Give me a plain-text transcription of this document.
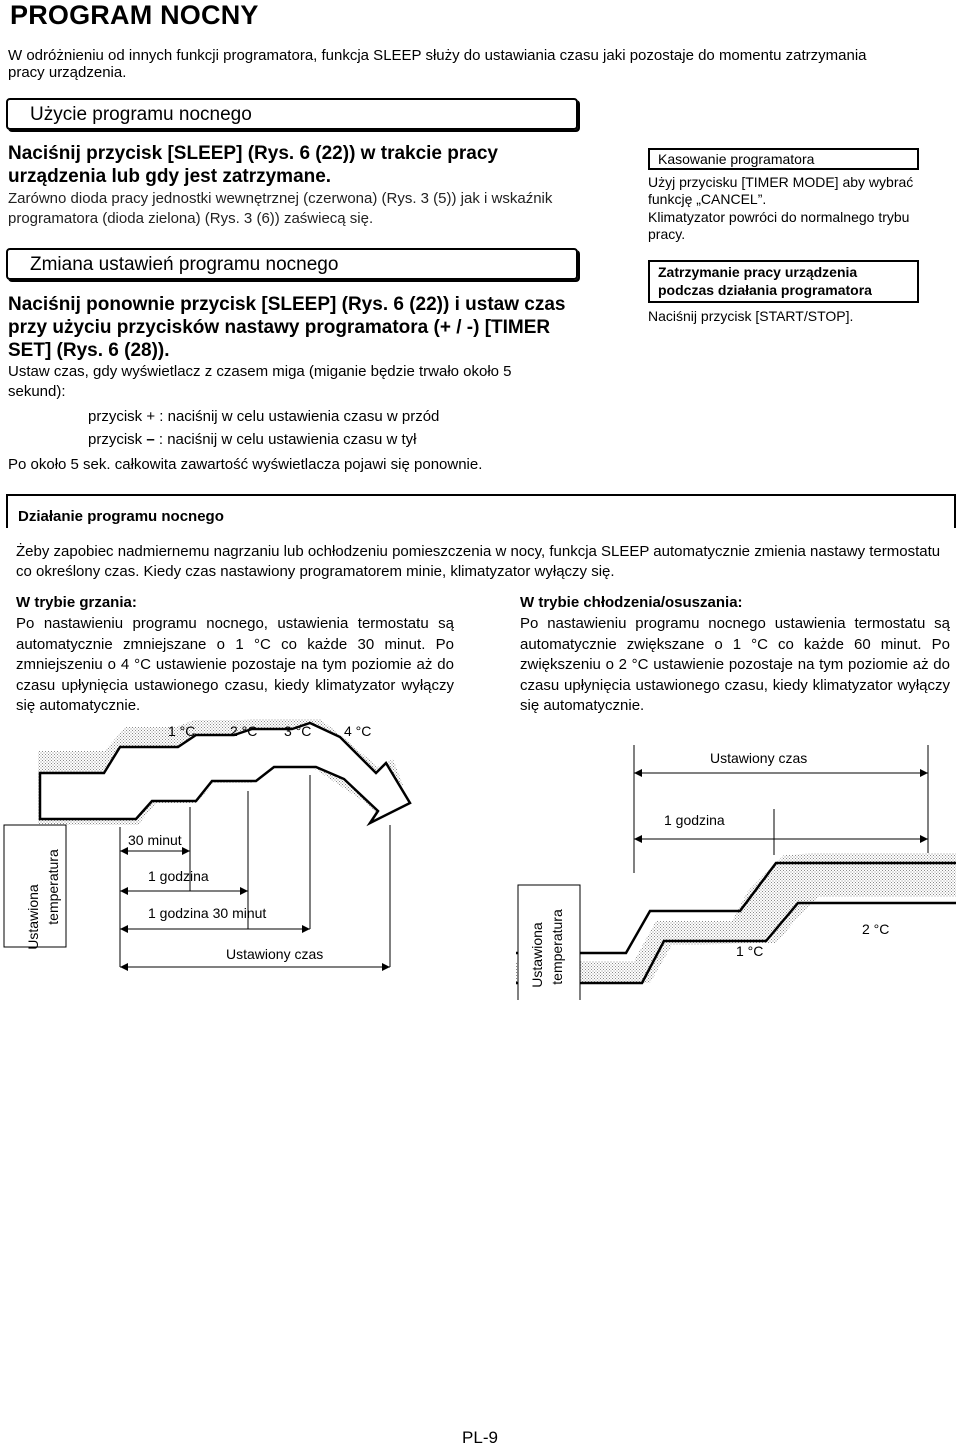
PROGRAM NOCNY
W odróżnieniu od innych funkcji programatora, funkcja SLEEP służy do ustawiania czasu jaki pozostaje do momentu zatrzymania pracy urządzenia.
Użycie programu nocnego
Naciśnij przycisk [SLEEP] (Rys. 6 (22)) w trakcie pracy urządzenia lub gdy jest zatrzymane.
Zarówno dioda pracy jednostki wewnętrznej (czerwona) (Rys. 3 (5)) jak i wskaźnik programatora (dioda zielona) (Rys. 3 (6)) zaświecą się.
Zmiana ustawień programu nocnego
Naciśnij ponownie przycisk [SLEEP] (Rys. 6 (22)) i ustaw czas przy użyciu przycisków nastawy programatora (+ / -) [TIMER SET] (Rys. 6 (28)).
Ustaw czas, gdy wyświetlacz z czasem miga (miganie będzie trwało około 5 sekund):
przycisk + : naciśnij w celu ustawienia czasu w przód
przycisk – : naciśnij w celu ustawienia czasu w tył
Po około 5 sek. całkowita zawartość wyświetlacza pojawi się ponownie.
Kasowanie programatora
Użyj przycisku [TIMER MODE] aby wybrać funkcję „CANCEL”.
Klimatyzator powróci do normalnego trybu pracy.
Zatrzymanie pracy urządzenia
podczas działania programatora
Naciśnij przycisk [START/STOP].
Działanie programu nocnego
Żeby zapobiec nadmiernemu nagrzaniu lub ochłodzeniu pomieszczenia w nocy, funkcja SLEEP automatycznie zmienia nastawy termostatu co określony czas. Kiedy czas nastawiony programatorem minie, klimatyzator wyłączy się.
W trybie grzania:
Po nastawieniu programu nocnego, ustawienia termostatu są automatycznie zmniejszane o 1 °C co każde 30 minut. Po zmniejszeniu o 4 °C ustawienie pozostaje na tym poziomie aż do czasu upłynięcia ustawionego czasu, kiedy klimatyzator wyłączy się automatycznie.
W trybie chłodzenia/osuszania:
Po nastawieniu programu nocnego ustawienia termostatu są automatycznie zwiększane o 1 °C co każde 60 minut. Po zwiększeniu o 2 °C ustawienie pozostaje na tym poziomie aż do czasu upłynięcia ustawionego czasu, kiedy klimatyzator wyłączy się automatycznie.
1 °C 2 °C 3 °C 4 °C
30 minut
1 godzina
1 godzina 30 minut
Ustawiony czas
Ustawiona temperatura
Ustawiony czas
1 godzina
1 °C
2 °C
Ustawiona temperatura
PL-9
